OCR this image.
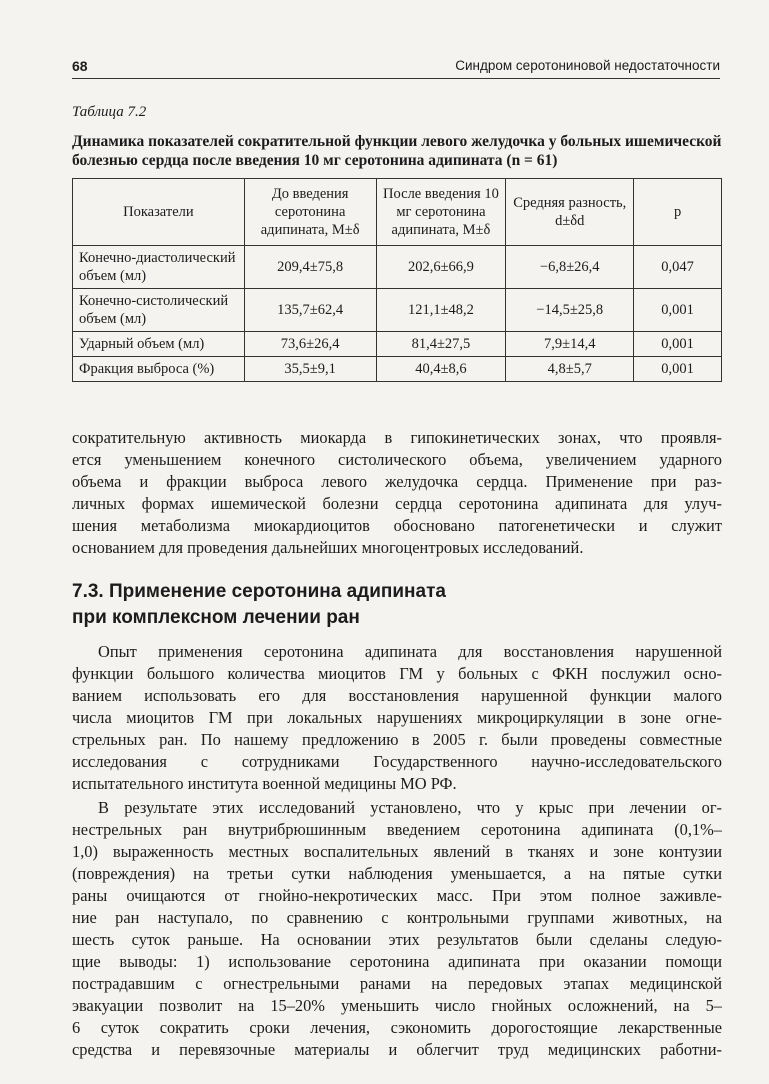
68	Синдром серотониновой недостаточности
Таблица 7.2
Динамика показателей сократительной функции левого желудочка у больных ишемической болезнью сердца после введения 10 мг серотонина адипината (n = 61)
Показатели	До введения серотонина адипината, M±δ	После введения 10 мг серотонина адипината, M±δ	Средняя разность, d±δd	p
Конечно-диастолический объем (мл)	209,4±75,8	202,6±66,9	−6,8±26,4	0,047
Конечно-систолический объем (мл)	135,7±62,4	121,1±48,2	−14,5±25,8	0,001
Ударный объем (мл)	73,6±26,4	81,4±27,5	7,9±14,4	0,001
Фракция выброса (%)	35,5±9,1	40,4±8,6	4,8±5,7	0,001
сократительную активность миокарда в гипокинетических зонах, что проявля-
ется уменьшением конечного систолического объема, увеличением ударного
объема и фракции выброса левого желудочка сердца. Применение при раз-
личных формах ишемической болезни сердца серотонина адипината для улуч-
шения метаболизма миокардиоцитов обосновано патогенетически и служит
основанием для проведения дальнейших многоцентровых исследований.
7.3. Применение серотонина адипината
при комплексном лечении ран
Опыт применения серотонина адипината для восстановления нарушенной
функции большого количества миоцитов ГМ у больных с ФКН послужил осно-
ванием использовать его для восстановления нарушенной функции малого
числа миоцитов ГМ при локальных нарушениях микроциркуляции в зоне огне-
стрельных ран. По нашему предложению в 2005 г. были проведены совместные
исследования с сотрудниками Государственного научно-исследовательского
испытательного института военной медицины МО РФ.
В результате этих исследований установлено, что у крыс при лечении ог-
нестрельных ран внутрибрюшинным введением серотонина адипината (0,1%–
1,0) выраженность местных воспалительных явлений в тканях и зоне контузии
(повреждения) на третьи сутки наблюдения уменьшается, а на пятые сутки
раны очищаются от гнойно-некротических масс. При этом полное заживле-
ние ран наступало, по сравнению с контрольными группами животных, на
шесть суток раньше. На основании этих результатов были сделаны следую-
щие выводы: 1) использование серотонина адипината при оказании помощи
пострадавшим с огнестрельными ранами на передовых этапах медицинской
эвакуации позволит на 15–20% уменьшить число гнойных осложнений, на 5–
6 суток сократить сроки лечения, сэкономить дорогостоящие лекарственные
средства и перевязочные материалы и облегчит труд медицинских работни-
